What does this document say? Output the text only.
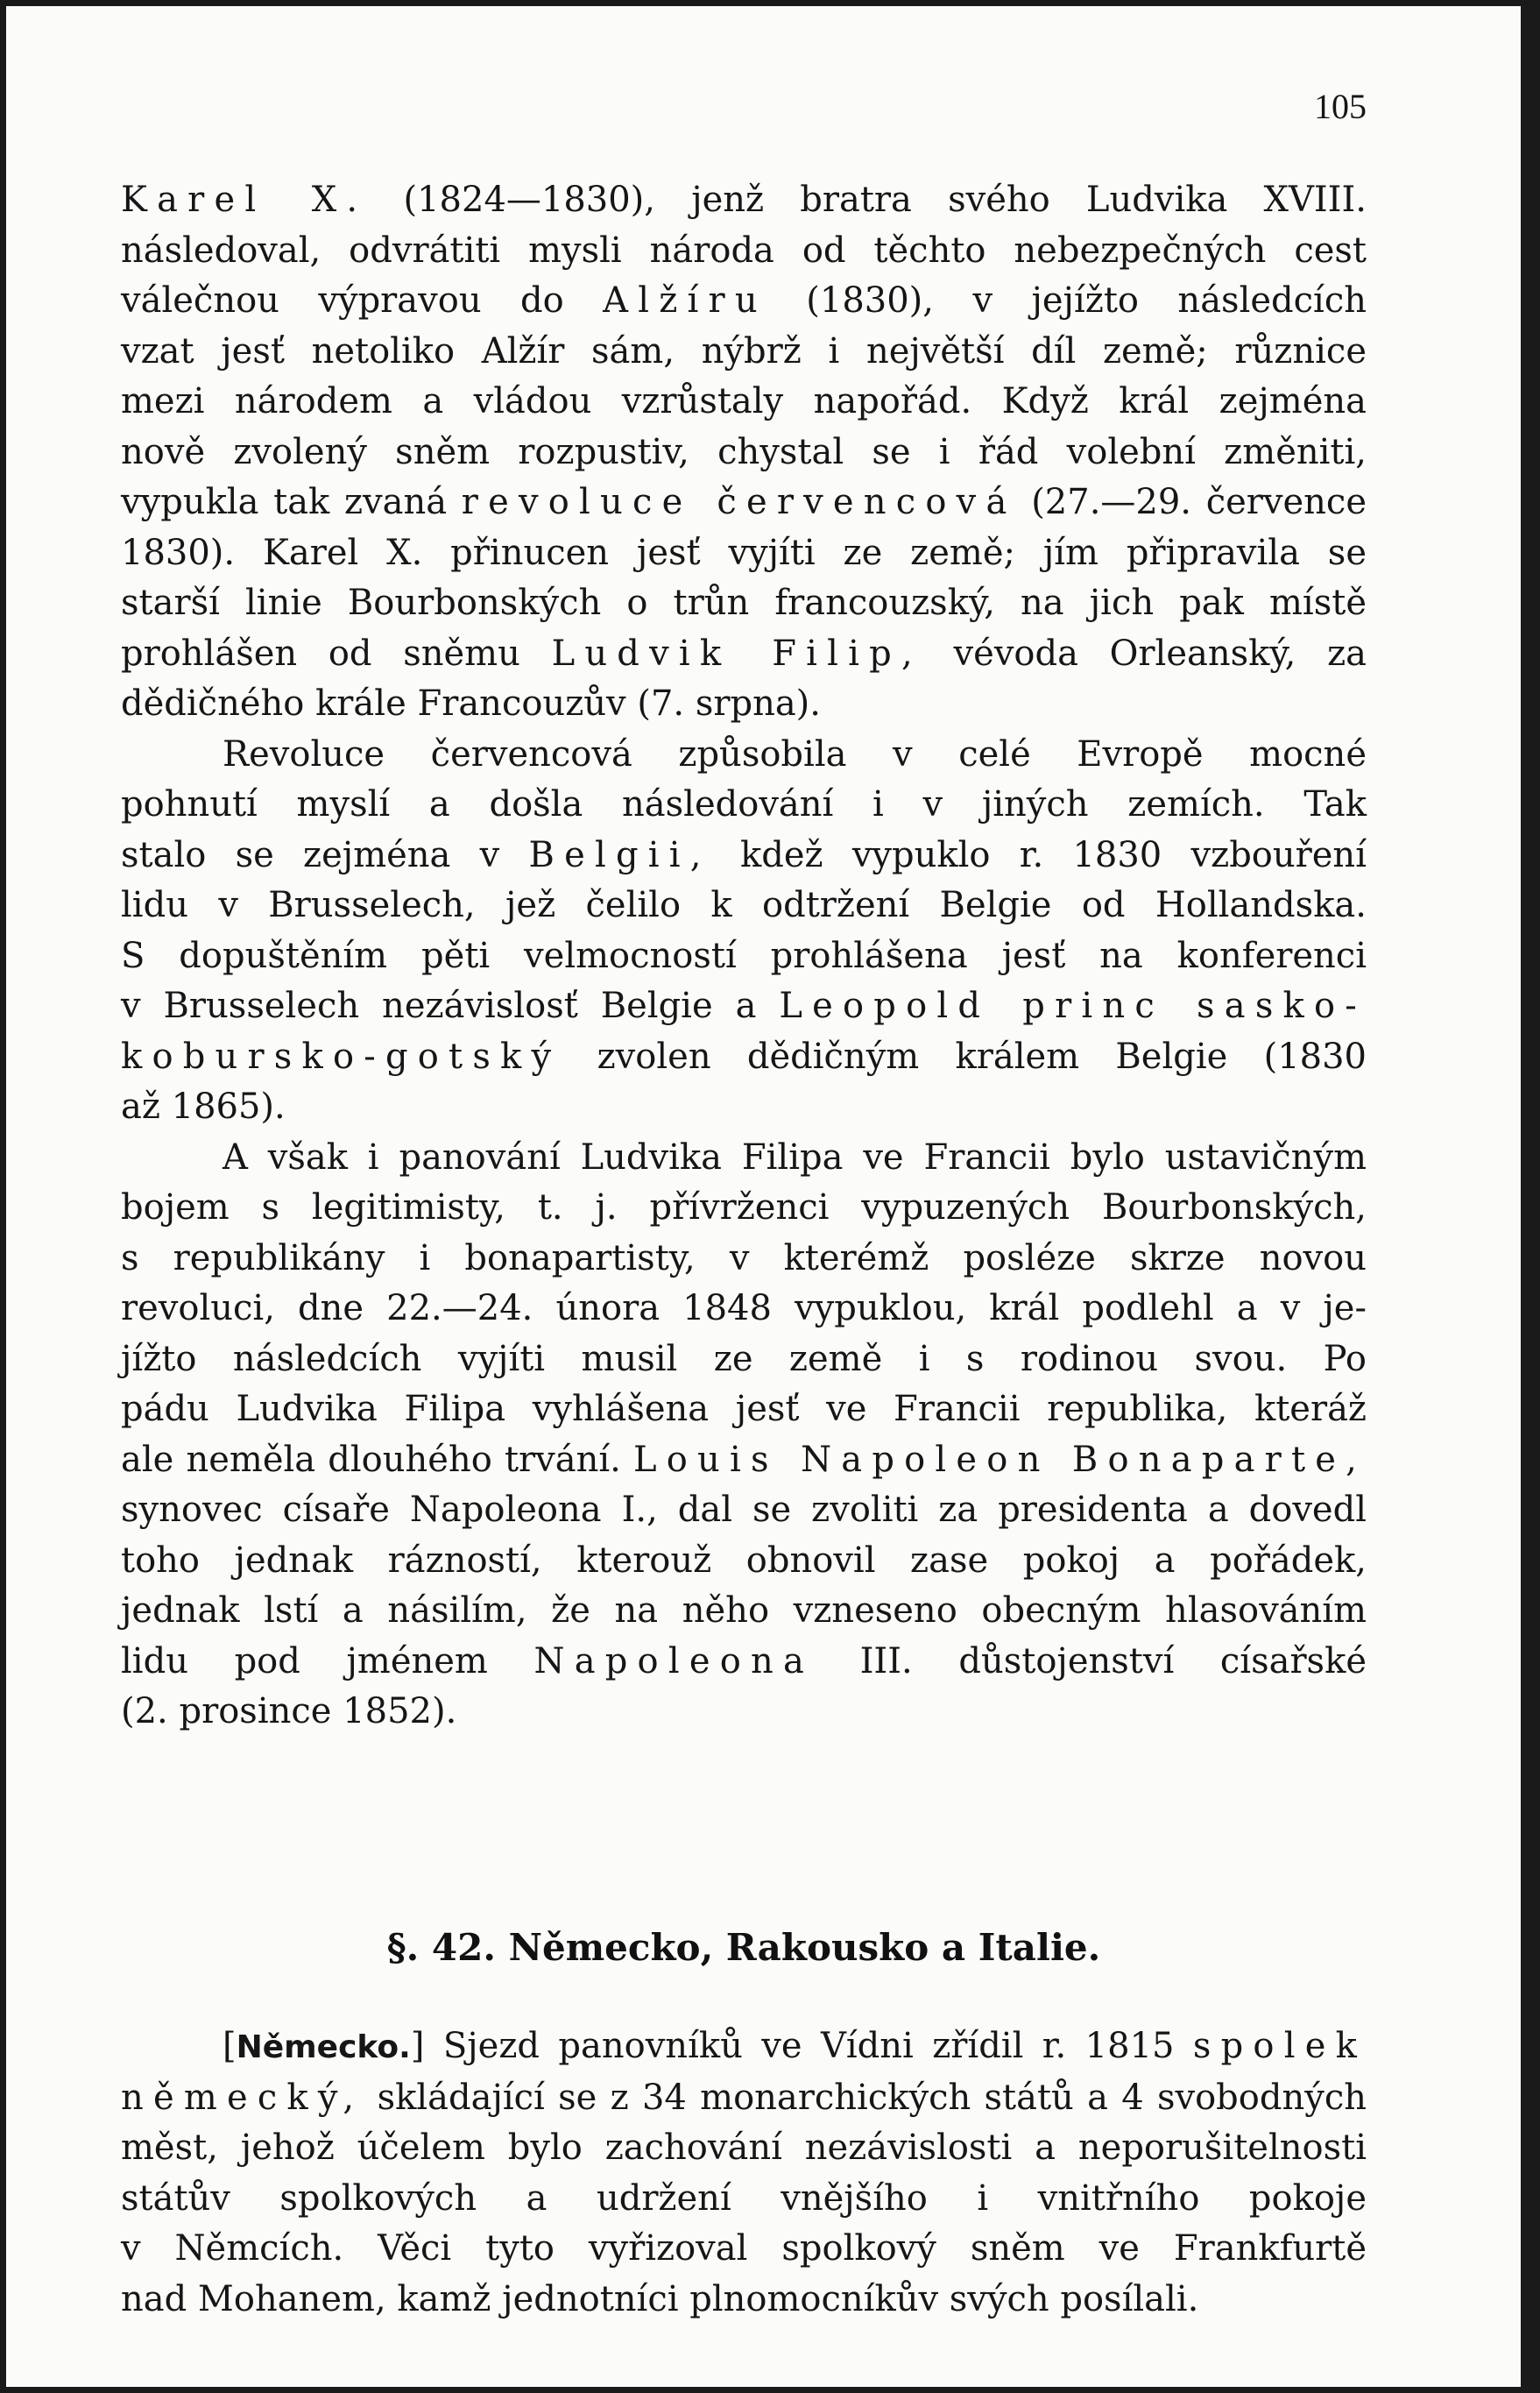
105
Karel X. (1824—1830), jenž bratra svého Ludvika XVIII.
následoval, odvrátiti mysli národa od těchto nebezpečných cest
válečnou výpravou do Alžíru (1830), v jejížto následcích
vzat jesť netoliko Alžír sám, nýbrž i největší díl země; různice
mezi národem a vládou vzrůstaly napořád. Když král zejména
nově zvolený sněm rozpustiv, chystal se i řád volební změniti,
vypukla tak zvaná revoluce červencová (27.—29. července
1830). Karel X. přinucen jesť vyjíti ze země; jím připravila se
starší linie Bourbonských o trůn francouzský, na jich pak místě
prohlášen od sněmu Ludvik Filip, vévoda Orleanský, za
dědičného krále Francouzův (7. srpna).
Revoluce červencová způsobila v celé Evropě mocné
pohnutí myslí a došla následování i v jiných zemích. Tak
stalo se zejména v Belgii, kdež vypuklo r. 1830 vzbouření
lidu v Brusselech, jež čelilo k odtržení Belgie od Hollandska.
S dopuštěním pěti velmocností prohlášena jesť na konferenci
v Brusselech nezávislosť Belgie a Leopold princ sasko-
kobursko-gotský zvolen dědičným králem Belgie (1830
až 1865).
A však i panování Ludvika Filipa ve Francii bylo ustavičným
bojem s legitimisty, t. j. přívrženci vypuzených Bourbonských,
s republikány i bonapartisty, v kterémž posléze skrze novou
revoluci, dne 22.—24. února 1848 vypuklou, král podlehl a v je-
jížto následcích vyjíti musil ze země i s rodinou svou. Po
pádu Ludvika Filipa vyhlášena jesť ve Francii republika, kteráž
ale neměla dlouhého trvání. Louis Napoleon Bonaparte,
synovec císaře Napoleona I., dal se zvoliti za presidenta a dovedl
toho jednak rázností, kterouž obnovil zase pokoj a pořádek,
jednak lstí a násilím, že na něho vzneseno obecným hlasováním
lidu pod jménem Napoleona III. důstojenství císařské
(2. prosince 1852).
§. 42. Německo, Rakousko a Italie.
[Německo.] Sjezd panovníků ve Vídni zřídil r. 1815 spolek
německý, skládající se z 34 monarchických států a 4 svobodných
měst, jehož účelem bylo zachování nezávislosti a neporušitelnosti
státův spolkových a udržení vnějšího i vnitřního pokoje
v Němcích. Věci tyto vyřizoval spolkový sněm ve Frankfurtě
nad Mohanem, kamž jednotníci plnomocníkův svých posílali.
